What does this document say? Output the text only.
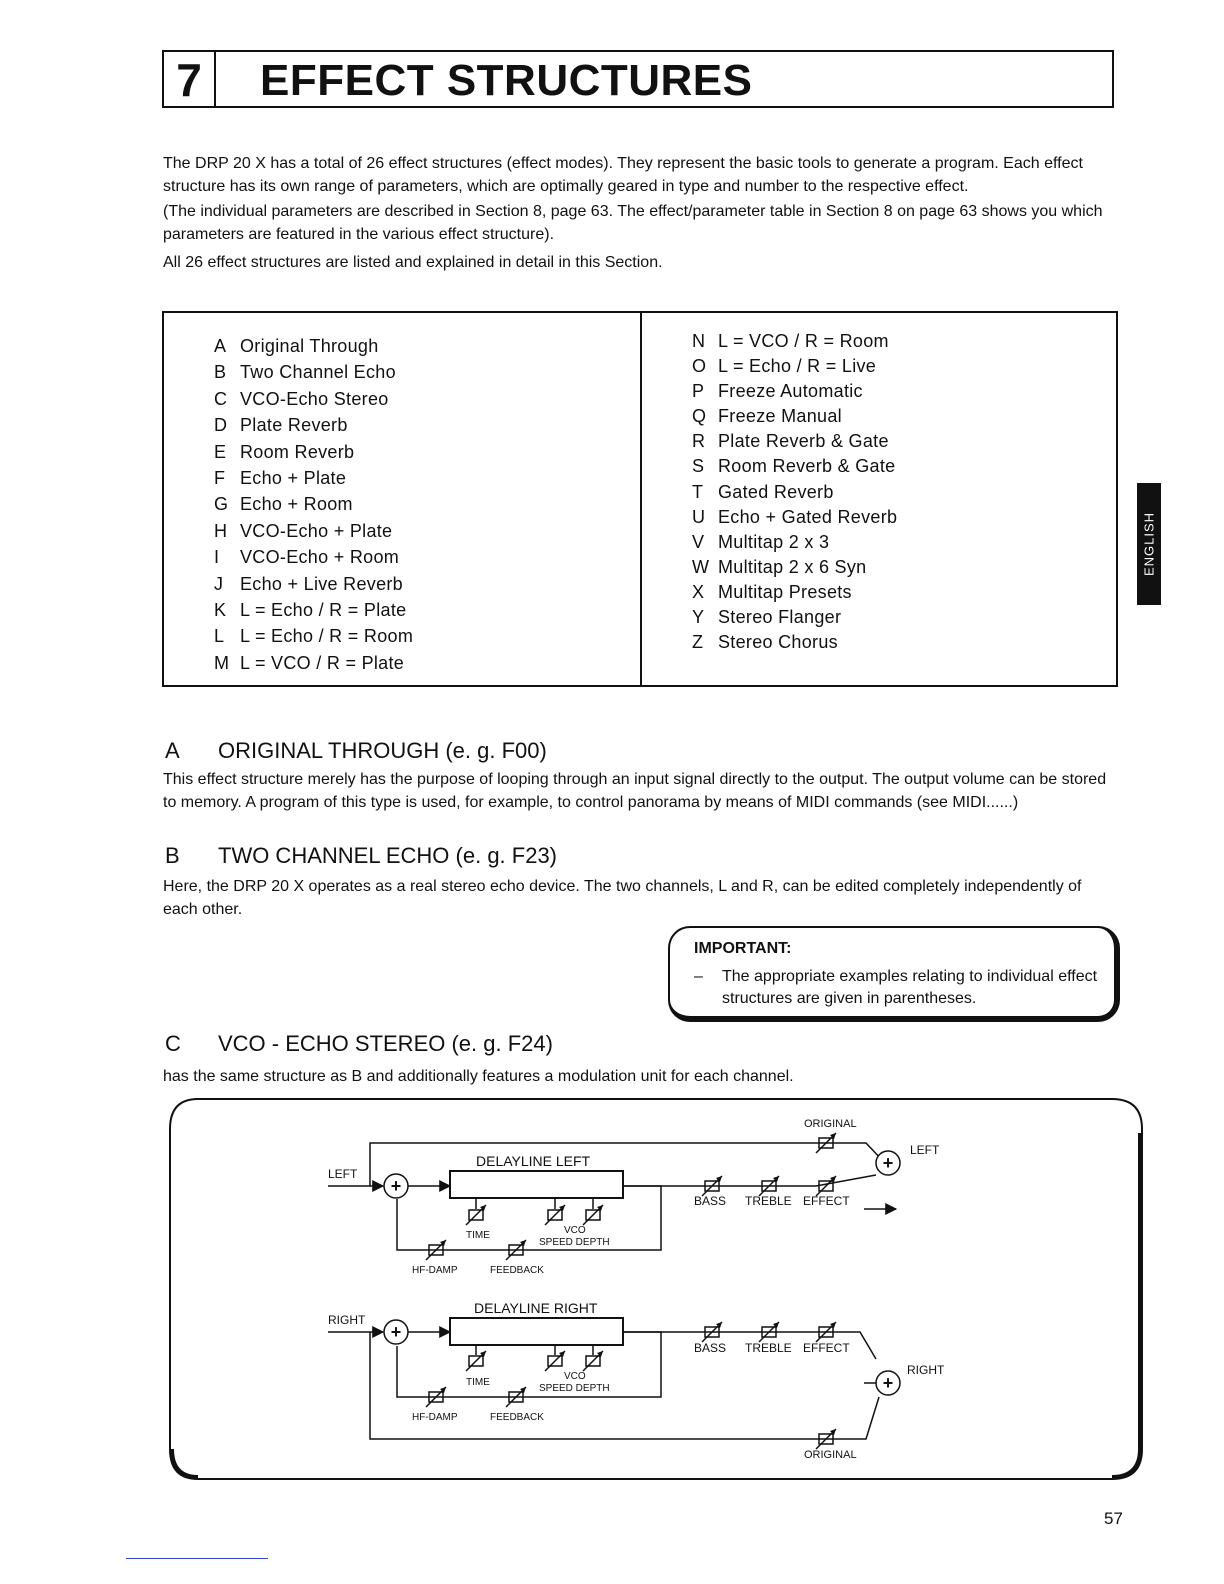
7	EFFECT STRUCTURES

The DRP 20 X has a total of 26 effect structures (effect modes). They represent the basic tools to generate a program. Each effect structure has its own range of parameters, which are optimally geared in type and number to the respective effect.

(The individual parameters are described in Section 8, page 63. The effect/parameter table in Section 8 on page 63 shows you which parameters are featured in the various effect structure).

All 26 effect structures are listed and explained in detail in this Section.

A Original Through
B Two Channel Echo
C VCO-Echo Stereo
D Plate Reverb
E Room Reverb
F Echo + Plate
G Echo + Room
H VCO-Echo + Plate
I	VCO-Echo + Room
J Echo + Live Reverb
K L = Echo / R = Plate
L L = Echo / R = Room
M L = VCO / R = Plate
N L = VCO / R = Room
O L = Echo / R = Live
P Freeze Automatic
Q Freeze Manual
R Plate Reverb & Gate
S Room Reverb & Gate
T Gated Reverb
U Echo + Gated Reverb
V Multitap 2 x 3
W Multitap 2 x 6 Syn
X Multitap Presets
Y Stereo Flanger
Z Stereo Chorus
A ORIGINAL THROUGH (e. g. F00)

This effect structure merely has the purpose of looping through an input signal directly to the output. The output volume can be stored to memory. A program of this type is used, for example, to control panorama by means of MIDI commands (see MIDI......)

B TWO CHANNEL ECHO (e. g. F23)

Here, the DRP 20 X operates as a real stereo echo device. The two channels, L and R, can be edited completely independently of each other.

IMPORTANT:
–	The appropriate examples relating to individual effect structures are given in parentheses.
C VCO - ECHO STEREO (e. g. F24)

has the same structure as B and additionally features a modulation unit for each channel.

LEFT
RIGHT
DELAYLINE LEFT
DELAYLINE RIGHT
TIME	VCO
SPEED DEPTH
HF-DAMP	FEEDBACK
TIME
VCO
SPEED DEPTH
HF-DAMP	FEEDBACK
BASS TREBLE EFFECT
BASS TREBLE EFFECT
ORIGINAL
ORIGINAL
LEFT
RIGHT
+
+
+
+
ENGLISH
57
